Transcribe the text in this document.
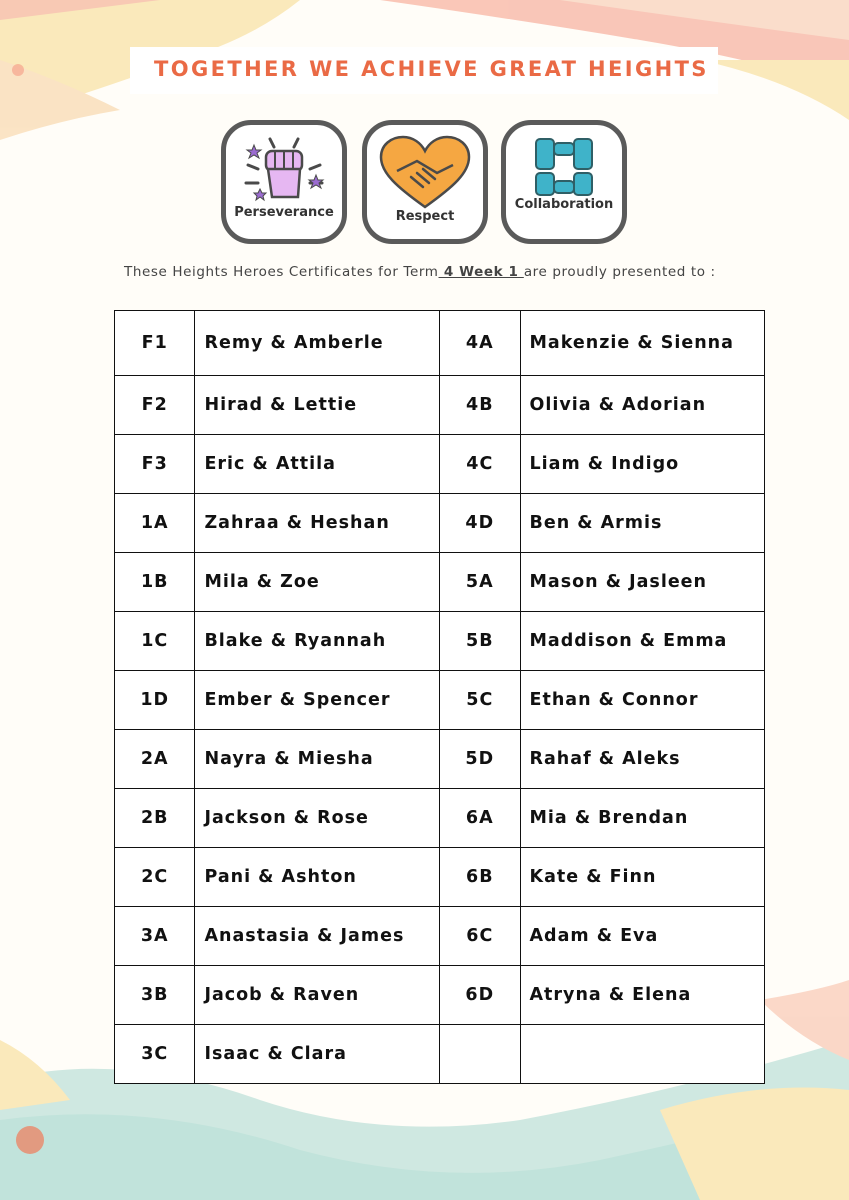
TOGETHER WE ACHIEVE GREAT HEIGHTS
Perseverance	Respect
Collaboration
These Heights Heroes Certificates for Term 4 Week 1 are proudly presented to :
F1	Remy & Amberle	4A	Makenzie & Sienna
F2	Hirad & Lettie	4B	Olivia & Adorian
F3	Eric & Attila	4C	Liam & Indigo
1A	Zahraa & Heshan	4D	Ben & Armis
1B	Mila & Zoe	5A	Mason & Jasleen
1C	Blake & Ryannah	5B	Maddison & Emma
1D	Ember & Spencer	5C	Ethan & Connor
2A	Nayra & Miesha	5D	Rahaf & Aleks
2B	Jackson & Rose	6A	Mia & Brendan
2C	Pani & Ashton	6B	Kate & Finn
3A	Anastasia & James	6C	Adam & Eva
3B	Jacob & Raven	6D	Atryna & Elena
3C	Isaac & Clara		
